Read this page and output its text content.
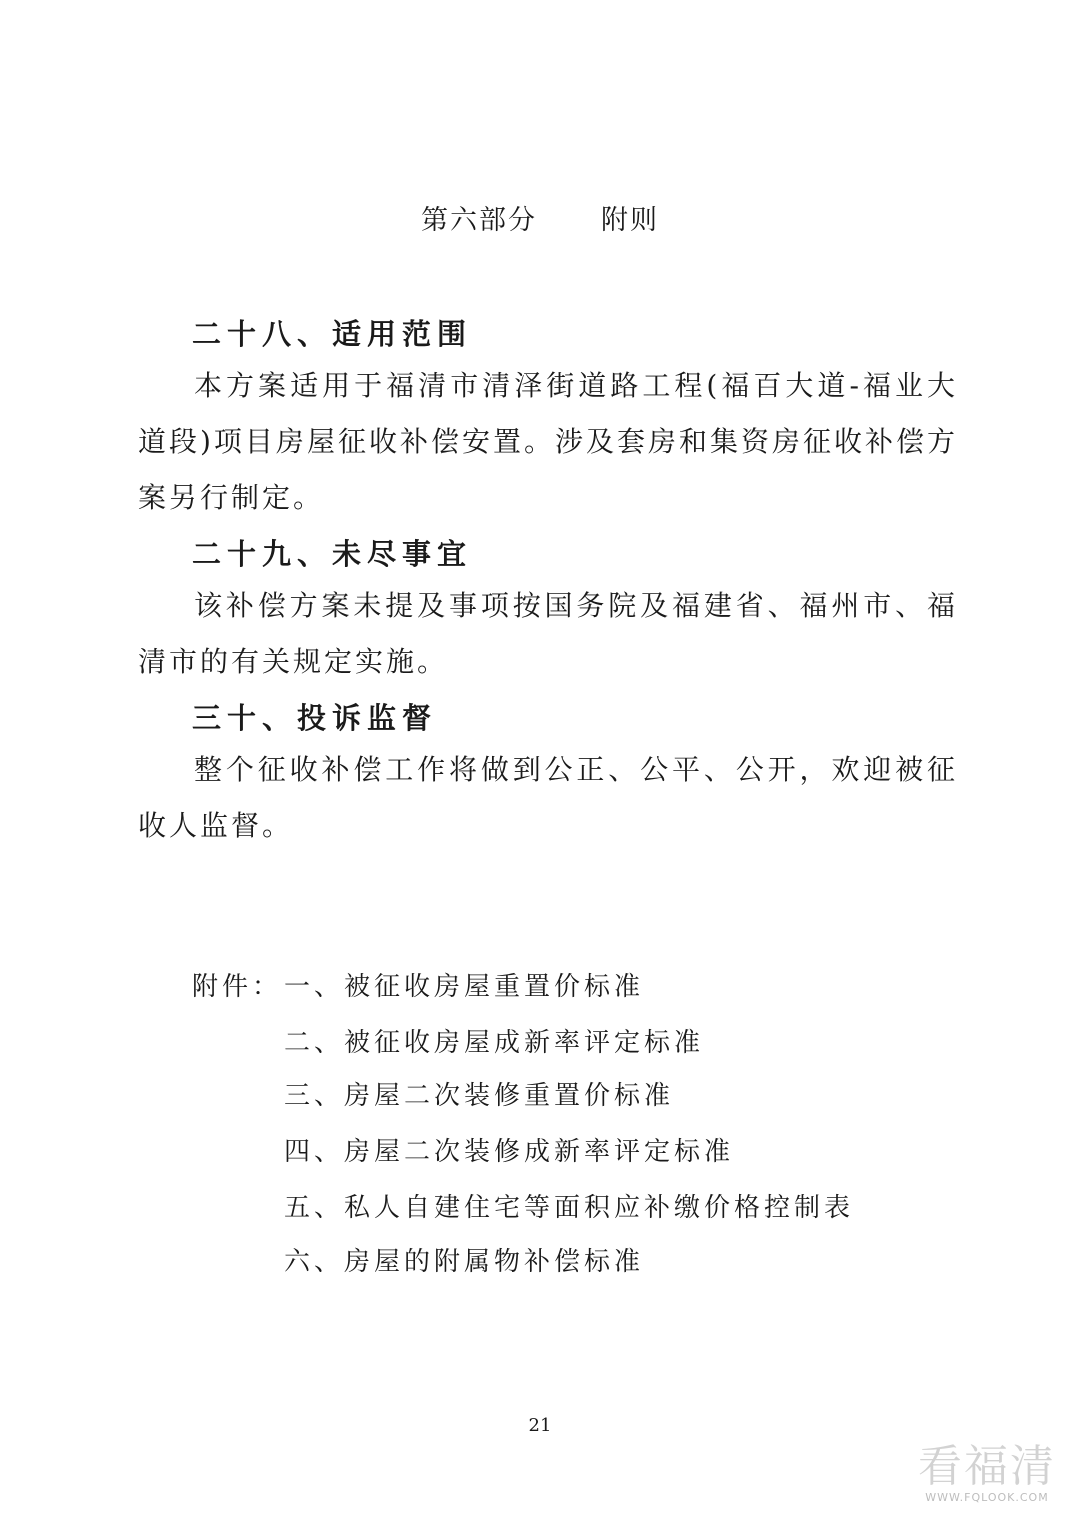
第六部分 附则
二十八、适用范围
本方案适用于福清市清泽街道路工程(福百大道-福业大道段)项目房屋征收补偿安置。涉及套房和集资房征收补偿方案另行制定。
二十九、未尽事宜
该补偿方案未提及事项按国务院及福建省、福州市、福清市的有关规定实施。
三十、投诉监督
整个征收补偿工作将做到公正、公平、公开，欢迎被征收人监督。
附件： 一、被征收房屋重置价标准
二、被征收房屋成新率评定标准
三、房屋二次装修重置价标准
四、房屋二次装修成新率评定标准
五、私人自建住宅等面积应补缴价格控制表
六、房屋的附属物补偿标准
21
看福清
WWW.FQLOOK.COM
